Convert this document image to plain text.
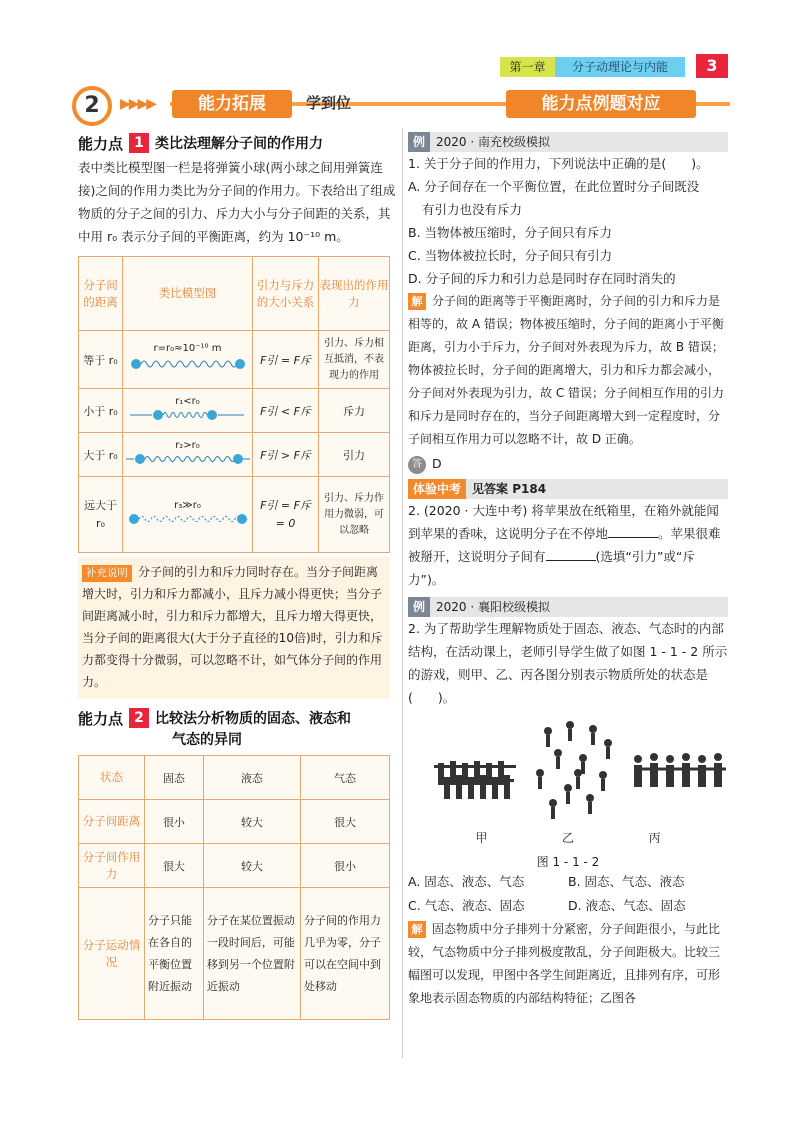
第一章	分子动理论与内能	3
2	▶▶▶▶	能力拓展	学到位	能力点例题对应
能力点 1 类比法理解分子间的作用力

表中类比模型图一栏是将弹簧小球(两小球之间用弹簧连接)之间的作用力类比为分子间的作用力。下表给出了组成物质的分子之间的引力、斥力大小与分子间距的关系，其中用 r₀ 表示分子间的平衡距离，约为 10⁻¹⁰ m。

分子间的距离	类比模型图	引力与斥力的大小关系	表现出的作用力
等于 r₀	r=r₀≈10⁻¹⁰ m	F引 = F斥	引力、斥力相互抵消，不表现力的作用
小于 r₀	r₁<r₀	F引 < F斥	斥力
大于 r₀	r₂>r₀	F引 > F斥	引力
远大于 r₀	r₃≫r₀	F引 = F斥 = 0	引力、斥力作用力微弱，可以忽略
补充说明 分子间的引力和斥力同时存在。当分子间距离增大时，引力和斥力都减小，且斥力减小得更快；当分子间距离减小时，引力和斥力都增大，且斥力增大得更快，当分子间的距离很大(大于分子直径的10倍)时，引力和斥力都变得十分微弱，可以忽略不计，如气体分子间的作用力。
能力点 2 比较法分析物质的固态、液态和
气态的异同
状态	固态	液态	气态
分子间距离	很小	较大	很大
分子间作用力	很大	较大	很小
分子运动情况	分子只能在各自的平衡位置附近振动	分子在某位置振动一段时间后，可能移到另一个位置附近振动	分子间的作用力几乎为零，分子可以在空间中到处移动
例 2020 · 南充校级模拟
1. 关于分子间的作用力，下列说法中正确的是(　　)。
A. 分子间存在一个平衡位置，在此位置时分子间既没
有引力也没有斥力
B. 当物体被压缩时，分子间只有斥力
C. 当物体被拉长时，分子间只有引力
D. 分子间的斥力和引力总是同时存在同时消失的
解 分子间的距离等于平衡距离时，分子间的引力和斥力是相等的，故 A 错误；物体被压缩时，分子间的距离小于平衡距离，引力小于斥力，分子间对外表现为斥力，故 B 错误；物体被拉长时，分子间的距离增大，引力和斥力都会减小，分子间对外表现为引力，故 C 错误；分子间相互作用的引力和斥力是同时存在的，当分子间距离增大到一定程度时，分子间相互作用力可以忽略不计，故 D 正确。
答 D
体验中考 见答案 P184
2. (2020 · 大连中考) 将苹果放在纸箱里，在箱外就能闻到苹果的香味，这说明分子在不停地	。苹果很难被掰开，这说明分子间有	(选填“引力”或“斥力”)。
例 2020 · 襄阳校级模拟
2. 为了帮助学生理解物质处于固态、液态、气态时的内部结构，在活动课上，老师引导学生做了如图 1 - 1 - 2 所示的游戏，则甲、乙、丙各图分别表示物质所处的状态是(　　)。
甲	乙	丙
图 1 - 1 - 2
A. 固态、液态、气态	B. 固态、气态、液态
C. 气态、液态、固态	D. 液态、气态、固态
解 固态物质中分子排列十分紧密，分子间距很小，与此比较，气态物质中分子排列极度散乱，分子间距极大。比较三幅图可以发现，甲图中各学生间距离近，且排列有序，可形象地表示固态物质的内部结构特征；乙图各
